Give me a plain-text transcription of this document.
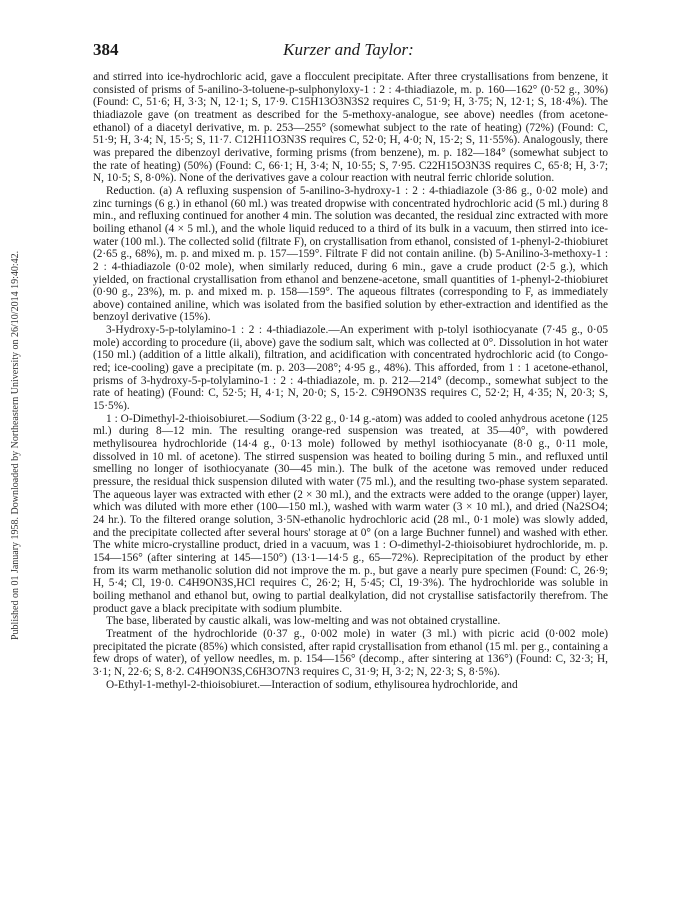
384	Kurzer and Taylor:
Published on 01 January 1958. Downloaded by Northeastern University on 26/10/2014 19:40:42.

and stirred into ice-hydrochloric acid, gave a flocculent precipitate. After three crystallisations from benzene, it consisted of prisms of 5-anilino-3-toluene-p-sulphonyloxy-1 : 2 : 4-thiadiazole, m. p. 160—162° (0·52 g., 30%) (Found: C, 51·6; H, 3·3; N, 12·1; S, 17·9. C15H13O3N3S2 requires C, 51·9; H, 3·75; N, 12·1; S, 18·4%). The thiadiazole gave (on treatment as described for the 5-methoxy-analogue, see above) needles (from acetone-ethanol) of a diacetyl derivative, m. p. 253—255° (somewhat subject to the rate of heating) (72%) (Found: C, 51·9; H, 3·4; N, 15·5; S, 11·7. C12H11O3N3S requires C, 52·0; H, 4·0; N, 15·2; S, 11·55%). Analogously, there was prepared the dibenzoyl derivative, forming prisms (from benzene), m. p. 182—184° (somewhat subject to the rate of heating) (50%) (Found: C, 66·1; H, 3·4; N, 10·55; S, 7·95. C22H15O3N3S requires C, 65·8; H, 3·7; N, 10·5; S, 8·0%). None of the derivatives gave a colour reaction with neutral ferric chloride solution.

Reduction. (a) A refluxing suspension of 5-anilino-3-hydroxy-1 : 2 : 4-thiadiazole (3·86 g., 0·02 mole) and zinc turnings (6 g.) in ethanol (60 ml.) was treated dropwise with concentrated hydrochloric acid (5 ml.) during 8 min., and refluxing continued for another 4 min. The solution was decanted, the residual zinc extracted with more boiling ethanol (4 × 5 ml.), and the whole liquid reduced to a third of its bulk in a vacuum, then stirred into ice-water (100 ml.). The collected solid (filtrate F), on crystallisation from ethanol, consisted of 1-phenyl-2-thiobiuret (2·65 g., 68%), m. p. and mixed m. p. 157—159°. Filtrate F did not contain aniline. (b) 5-Anilino-3-methoxy-1 : 2 : 4-thiadiazole (0·02 mole), when similarly reduced, during 6 min., gave a crude product (2·5 g.), which yielded, on fractional crystallisation from ethanol and benzene-acetone, small quantities of 1-phenyl-2-thiobiuret (0·90 g., 23%), m. p. and mixed m. p. 158—159°. The aqueous filtrates (corresponding to F, as immediately above) contained aniline, which was isolated from the basified solution by ether-extraction and identified as the benzoyl derivative (15%).

3-Hydroxy-5-p-tolylamino-1 : 2 : 4-thiadiazole.—An experiment with p-tolyl isothiocyanate (7·45 g., 0·05 mole) according to procedure (ii, above) gave the sodium salt, which was collected at 0°. Dissolution in hot water (150 ml.) (addition of a little alkali), filtration, and acidification with concentrated hydrochloric acid (to Congo-red; ice-cooling) gave a precipitate (m. p. 203—208°; 4·95 g., 48%). This afforded, from 1 : 1 acetone-ethanol, prisms of 3-hydroxy-5-p-tolylamino-1 : 2 : 4-thiadiazole, m. p. 212—214° (decomp., somewhat subject to the rate of heating) (Found: C, 52·5; H, 4·1; N, 20·0; S, 15·2. C9H9ON3S requires C, 52·2; H, 4·35; N, 20·3; S, 15·5%).

1 : O-Dimethyl-2-thioisobiuret.—Sodium (3·22 g., 0·14 g.-atom) was added to cooled anhydrous acetone (125 ml.) during 8—12 min. The resulting orange-red suspension was treated, at 35—40°, with powdered methylisourea hydrochloride (14·4 g., 0·13 mole) followed by methyl isothiocyanate (8·0 g., 0·11 mole, dissolved in 10 ml. of acetone). The stirred suspension was heated to boiling during 5 min., and refluxed until smelling no longer of isothiocyanate (30—45 min.). The bulk of the acetone was removed under reduced pressure, the residual thick suspension diluted with water (75 ml.), and the resulting two-phase system separated. The aqueous layer was extracted with ether (2 × 30 ml.), and the extracts were added to the orange (upper) layer, which was diluted with more ether (100—150 ml.), washed with warm water (3 × 10 ml.), and dried (Na2SO4; 24 hr.). To the filtered orange solution, 3·5N-ethanolic hydrochloric acid (28 ml., 0·1 mole) was slowly added, and the precipitate collected after several hours' storage at 0° (on a large Buchner funnel) and washed with ether. The white micro-crystalline product, dried in a vacuum, was 1 : O-dimethyl-2-thioisobiuret hydrochloride, m. p. 154—156° (after sintering at 145—150°) (13·1—14·5 g., 65—72%). Reprecipitation of the product by ether from its warm methanolic solution did not improve the m. p., but gave a nearly pure specimen (Found: C, 26·9; H, 5·4; Cl, 19·0. C4H9ON3S,HCl requires C, 26·2; H, 5·45; Cl, 19·3%). The hydrochloride was soluble in boiling methanol and ethanol but, owing to partial dealkylation, did not crystallise satisfactorily therefrom. The product gave a black precipitate with sodium plumbite.

The base, liberated by caustic alkali, was low-melting and was not obtained crystalline.

Treatment of the hydrochloride (0·37 g., 0·002 mole) in water (3 ml.) with picric acid (0·002 mole) precipitated the picrate (85%) which consisted, after rapid crystallisation from ethanol (15 ml. per g., containing a few drops of water), of yellow needles, m. p. 154—156° (decomp., after sintering at 136°) (Found: C, 32·3; H, 3·1; N, 22·6; S, 8·2. C4H9ON3S,C6H3O7N3 requires C, 31·9; H, 3·2; N, 22·3; S, 8·5%).

O-Ethyl-1-methyl-2-thioisobiuret.—Interaction of sodium, ethylisourea hydrochloride, and
